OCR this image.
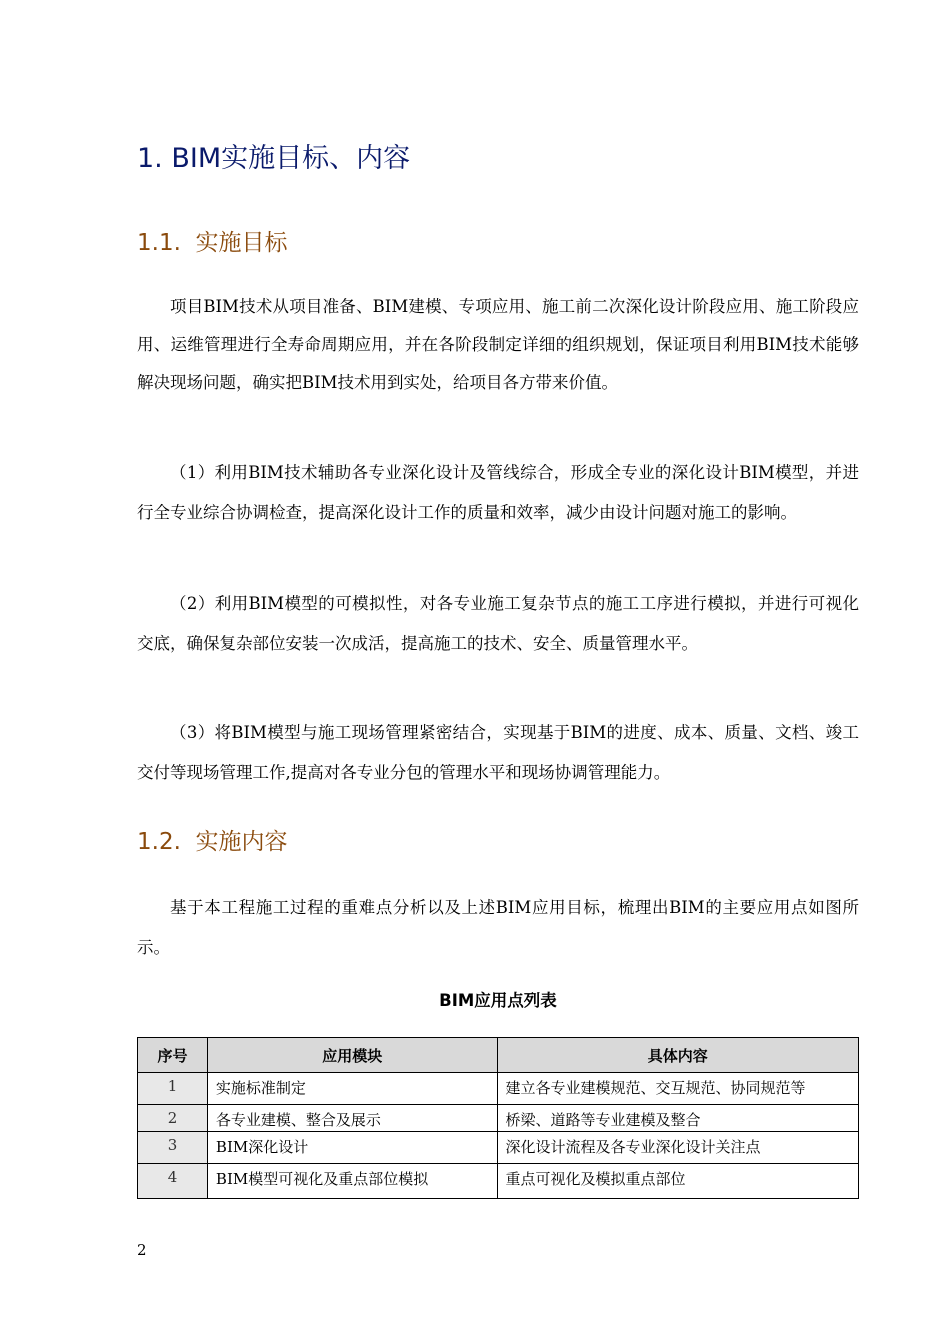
1. BIM实施目标、内容
1.1.  实施目标

项目BIM技术从项目准备、BIM建模、专项应用、施工前二次深化设计阶段应用、施工阶段应用、运维管理进行全寿命周期应用，并在各阶段制定详细的组织规划，保证项目利用BIM技术能够解决现场问题，确实把BIM技术用到实处，给项目各方带来价值。

（1）利用BIM技术辅助各专业深化设计及管线综合，形成全专业的深化设计BIM模型，并进行全专业综合协调检查，提高深化设计工作的质量和效率，减少由设计问题对施工的影响。

（2）利用BIM模型的可模拟性，对各专业施工复杂节点的施工工序进行模拟，并进行可视化交底，确保复杂部位安装一次成活，提高施工的技术、安全、质量管理水平。

（3）将BIM模型与施工现场管理紧密结合，实现基于BIM的进度、成本、质量、文档、竣工交付等现场管理工作,提高对各专业分包的管理水平和现场协调管理能力。

1.2.  实施内容

基于本工程施工过程的重难点分析以及上述BIM应用目标，梳理出BIM的主要应用点如图所示。

BIM应用点列表
序号	应用模块	具体内容
1	实施标准制定	建立各专业建模规范、交互规范、协同规范等
2	各专业建模、整合及展示	桥梁、道路等专业建模及整合
3	BIM深化设计	深化设计流程及各专业深化设计关注点
4	BIM模型可视化及重点部位模拟	重点可视化及模拟重点部位
2
